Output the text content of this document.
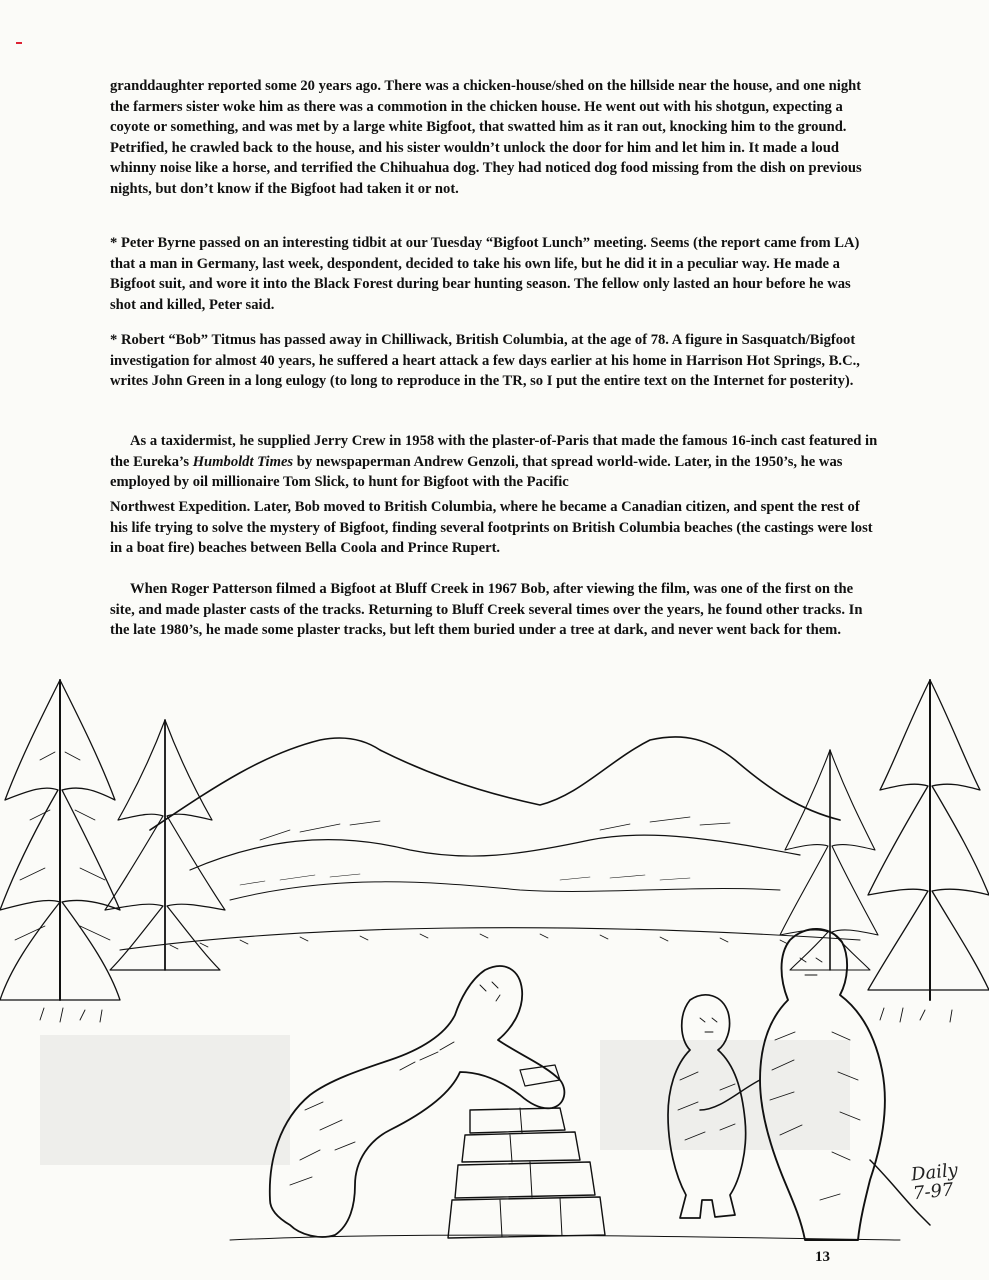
granddaughter reported some 20 years ago. There was a chicken-house/shed on the hillside near the house, and one night the farmers sister woke him as there was a commotion in the chicken house. He went out with his shotgun, expecting a coyote or something, and was met by a large white Bigfoot, that swatted him as it ran out, knocking him to the ground. Petrified, he crawled back to the house, and his sister wouldn’t unlock the door for him and let him in. It made a loud whinny noise like a horse, and terrified the Chihuahua dog. They had noticed dog food missing from the dish on previous nights, but don’t know if the Bigfoot had taken it or not.

* Peter Byrne passed on an interesting tidbit at our Tuesday “Bigfoot Lunch” meeting. Seems (the report came from LA) that a man in Germany, last week, despondent, decided to take his own life, but he did it in a peculiar way. He made a Bigfoot suit, and wore it into the Black Forest during bear hunting season. The fellow only lasted an hour before he was shot and killed, Peter said.

* Robert “Bob” Titmus has passed away in Chilliwack, British Columbia, at the age of 78. A figure in Sasquatch/Bigfoot investigation for almost 40 years, he suffered a heart attack a few days earlier at his home in Harrison Hot Springs, B.C., writes John Green in a long eulogy (to long to reproduce in the TR, so I put the entire text on the Internet for posterity).

As a taxidermist, he supplied Jerry Crew in 1958 with the plaster-of-Paris that made the famous 16-inch cast featured in the Eureka’s Humboldt Times by newspaperman Andrew Genzoli, that spread world-wide. Later, in the 1950’s, he was employed by oil millionaire Tom Slick, to hunt for Bigfoot with the Pacific

Northwest Expedition. Later, Bob moved to British Columbia, where he became a Canadian citizen, and spent the rest of his life trying to solve the mystery of Bigfoot, finding several footprints on British Columbia beaches (the castings were lost in a boat fire) beaches between Bella Coola and Prince Rupert.

When Roger Patterson filmed a Bigfoot at Bluff Creek in 1967 Bob, after viewing the film, was one of the first on the site, and made plaster casts of the tracks. Returning to Bluff Creek several times over the years, he found other tracks. In the late 1980’s, he made some plaster tracks, but left them buried under a tree at dark, and never went back for them.

Daily
7-97
13
